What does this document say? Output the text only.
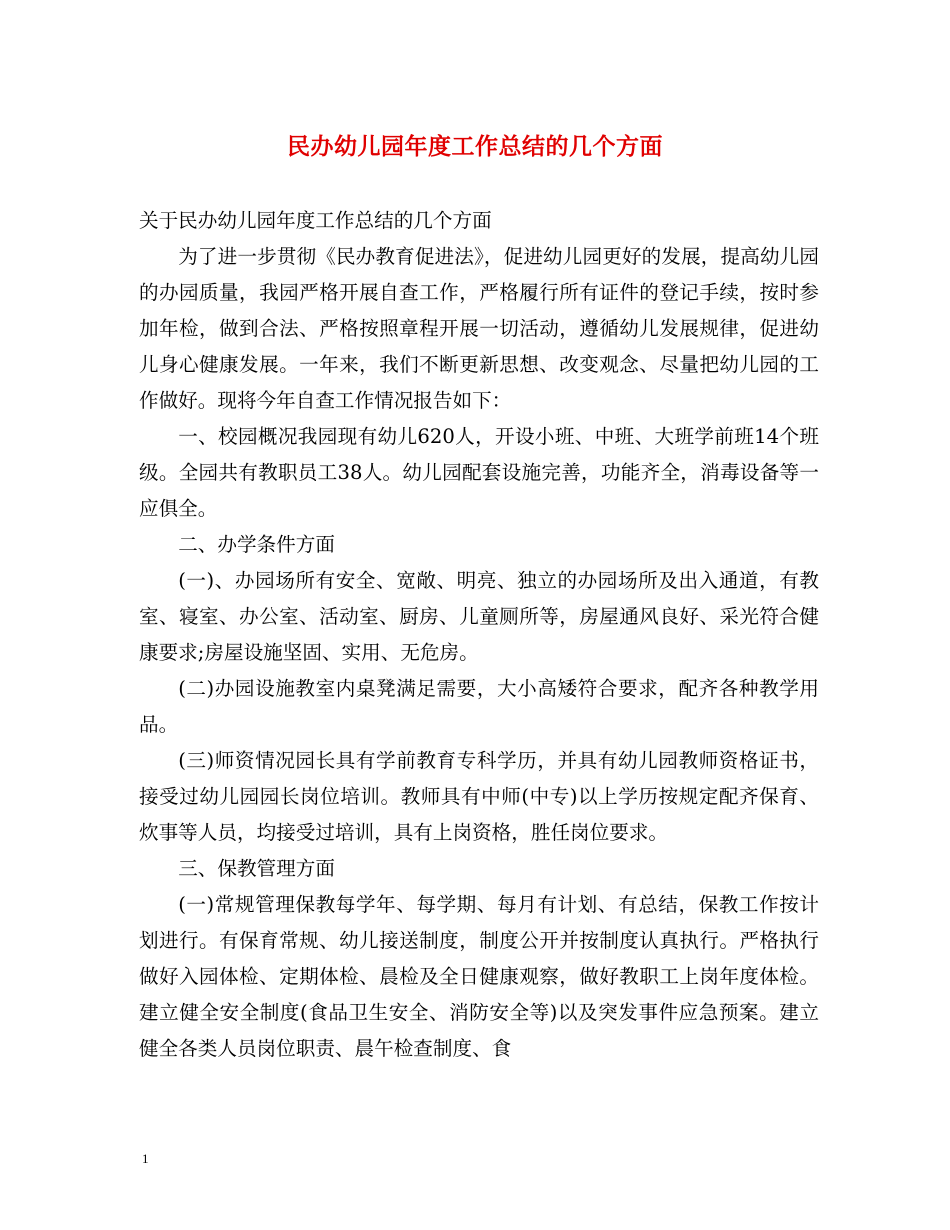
民办幼儿园年度工作总结的几个方面

关于民办幼儿园年度工作总结的几个方面

为了进一步贯彻《民办教育促进法》，促进幼儿园更好的发展，提高幼儿园的办园质量，我园严格开展自查工作，严格履行所有证件的登记手续，按时参加年检，做到合法、严格按照章程开展一切活动，遵循幼儿发展规律，促进幼儿身心健康发展。一年来，我们不断更新思想、改变观念、尽量把幼儿园的工作做好。现将今年自查工作情况报告如下：

一、校园概况我园现有幼儿620人，开设小班、中班、大班学前班14个班级。全园共有教职员工38人。幼儿园配套设施完善，功能齐全，消毒设备等一应俱全。

二、办学条件方面

(一)、办园场所有安全、宽敞、明亮、独立的办园场所及出入通道，有教室、寝室、办公室、活动室、厨房、儿童厕所等，房屋通风良好、采光符合健康要求;房屋设施坚固、实用、无危房。

(二)办园设施教室内桌凳满足需要，大小高矮符合要求，配齐各种教学用品。

(三)师资情况园长具有学前教育专科学历，并具有幼儿园教师资格证书，接受过幼儿园园长岗位培训。教师具有中师(中专)以上学历按规定配齐保育、炊事等人员，均接受过培训，具有上岗资格，胜任岗位要求。

三、保教管理方面

(一)常规管理保教每学年、每学期、每月有计划、有总结，保教工作按计划进行。有保育常规、幼儿接送制度，制度公开并按制度认真执行。严格执行做好入园体检、定期体检、晨检及全日健康观察，做好教职工上岗年度体检。建立健全安全制度(食品卫生安全、消防安全等)以及突发事件应急预案。建立健全各类人员岗位职责、晨午检查制度、食

1
